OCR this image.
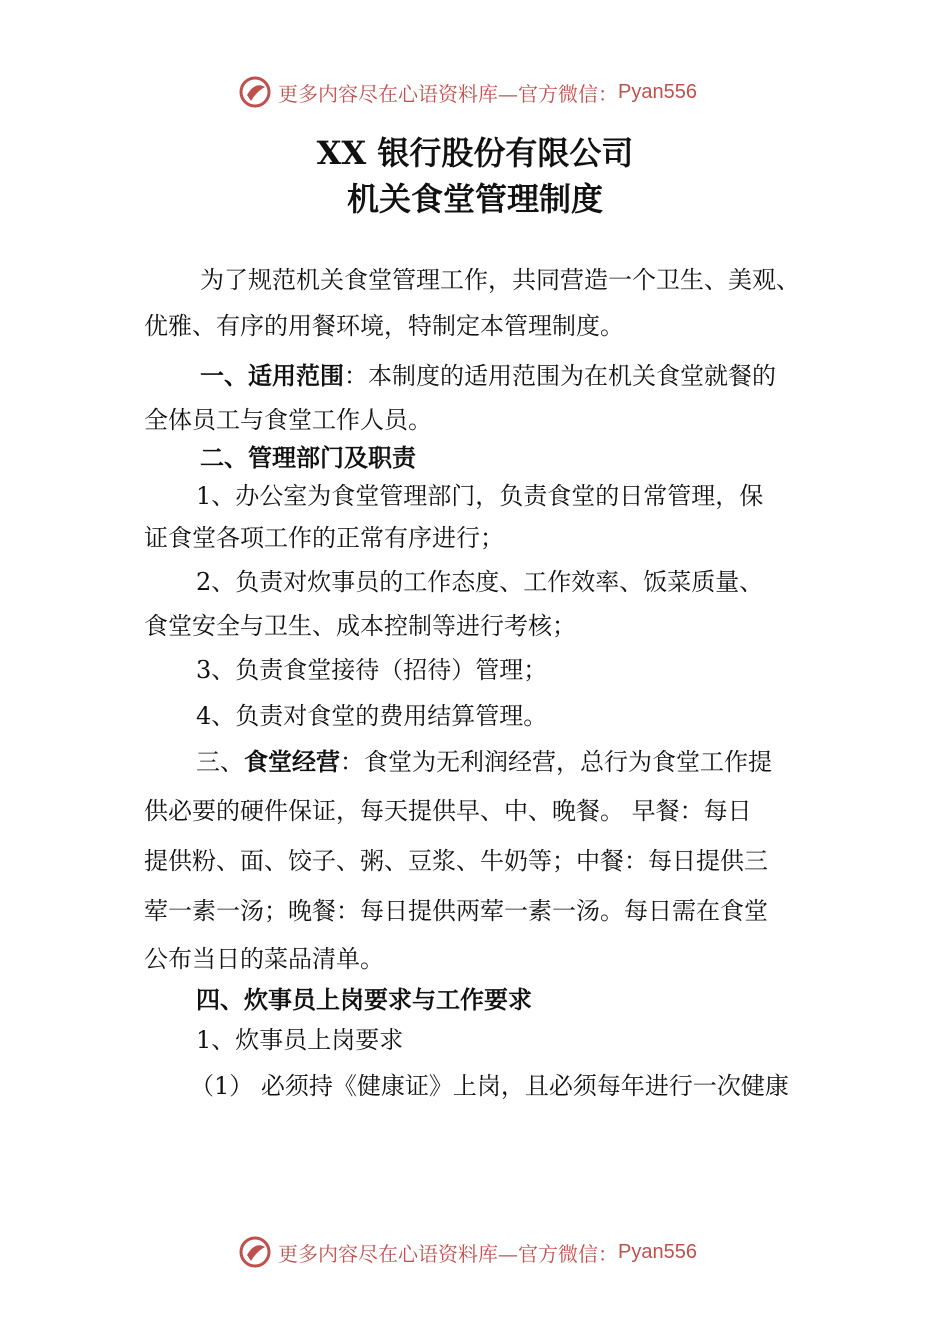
更多内容尽在心语资料库—官方微信： Pyan556
XX 银行股份有限公司
机关食堂管理制度

为了规范机关食堂管理工作，共同营造一个卫生、美观、

优雅、有序的用餐环境，特制定本管理制度。

一、适用范围：本制度的适用范围为在机关食堂就餐的

全体员工与食堂工作人员。

二、管理部门及职责

1、办公室为食堂管理部门，负责食堂的日常管理，保

证食堂各项工作的正常有序进行；

2、负责对炊事员的工作态度、工作效率、饭菜质量、

食堂安全与卫生、成本控制等进行考核；

3、负责食堂接待（招待）管理；

4、负责对食堂的费用结算管理。

三、食堂经营：食堂为无利润经营，总行为食堂工作提

供必要的硬件保证，每天提供早、中、晚餐。 早餐：每日

提供粉、面、饺子、粥、豆浆、牛奶等；中餐：每日提供三

荤一素一汤；晚餐：每日提供两荤一素一汤。每日需在食堂

公布当日的菜品清单。

四、炊事员上岗要求与工作要求

1、炊事员上岗要求

（1） 必须持《健康证》上岗，且必须每年进行一次健康

更多内容尽在心语资料库—官方微信： Pyan556
